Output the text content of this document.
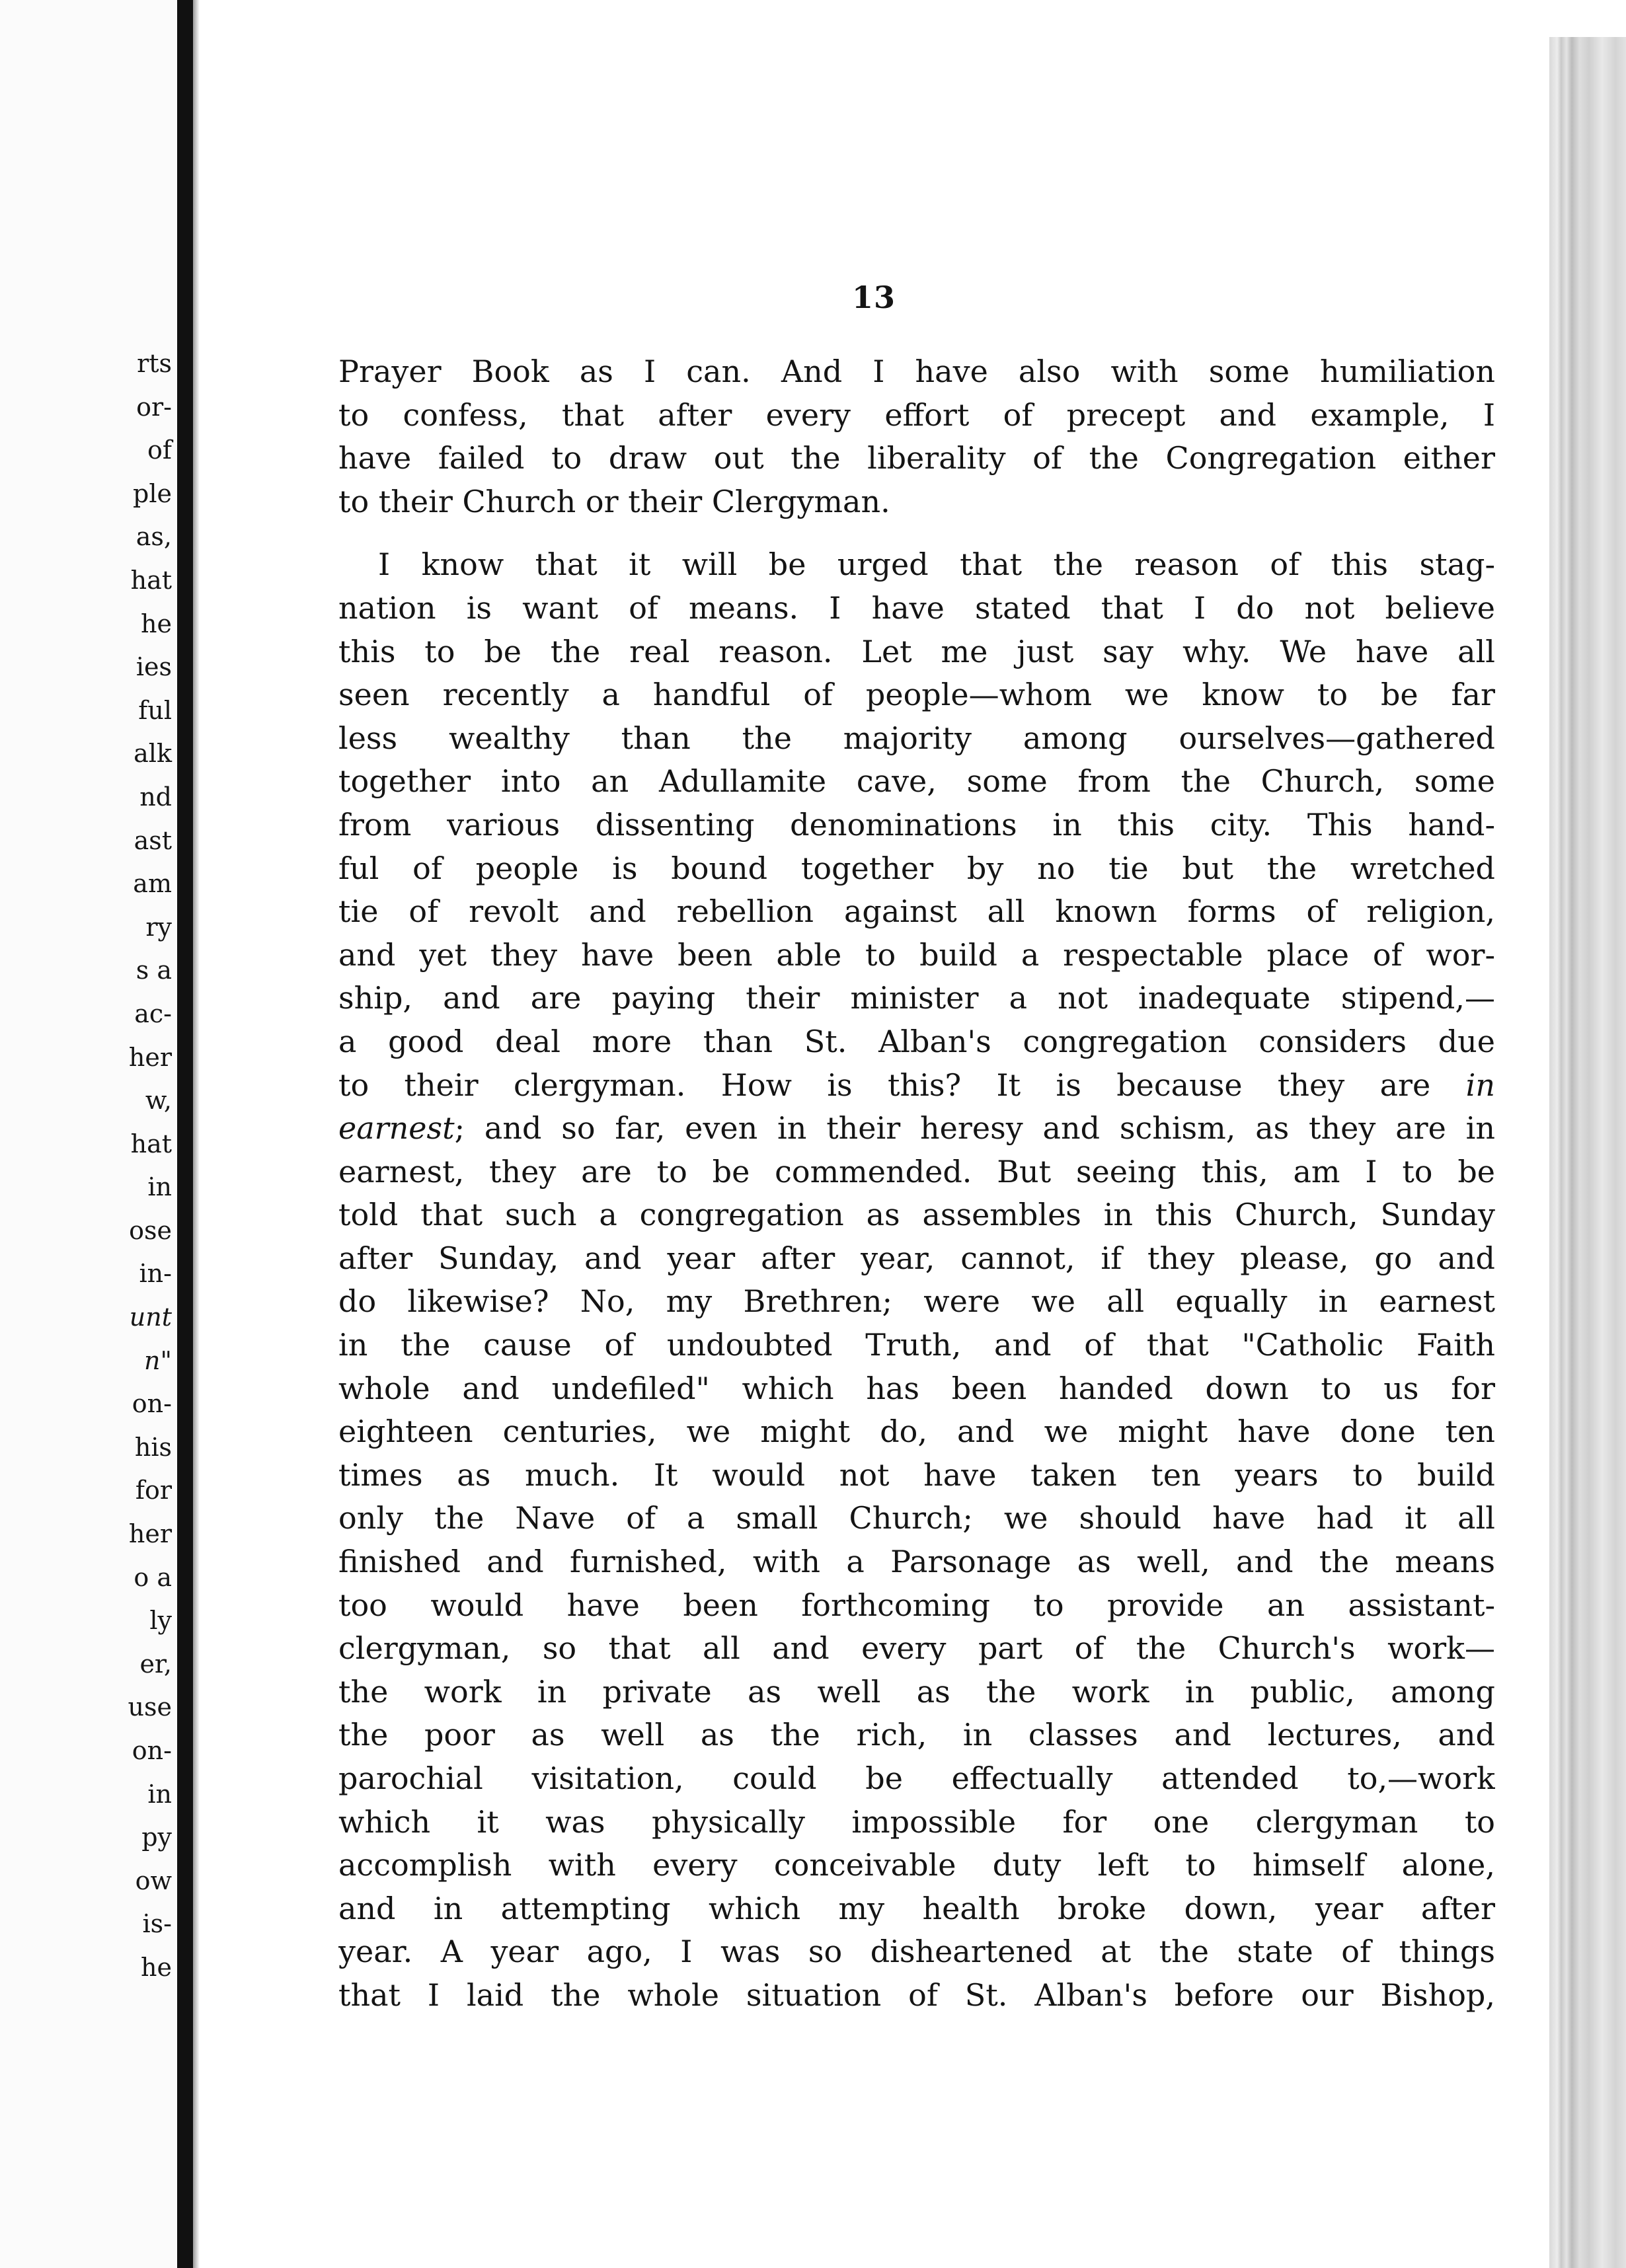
rts
or-
of
ple
as,
hat
he
ies
ful
alk
nd
ast
am
ry
s a
ac-
her
w,
hat
in
ose
in-
unt
n"
on-
his
for
her
o a
ly
er,
use
on-
in
py
ow
is-
he
13
Prayer Book as I can. And I have also with some humiliation
to confess, that after every effort of precept and example, I
have failed to draw out the liberality of the Congregation either
to their Church or their Clergyman.
I know that it will be urged that the reason of this stag-
nation is want of means. I have stated that I do not believe
this to be the real reason. Let me just say why. We have all
seen recently a handful of people—whom we know to be far
less wealthy than the majority among ourselves—gathered
together into an Adullamite cave, some from the Church, some
from various dissenting denominations in this city. This hand-
ful of people is bound together by no tie but the wretched
tie of revolt and rebellion against all known forms of religion,
and yet they have been able to build a respectable place of wor-
ship, and are paying their minister a not inadequate stipend,—
a good deal more than St. Alban's congregation considers due
to their clergyman. How is this? It is because they are in
earnest; and so far, even in their heresy and schism, as they are in
earnest, they are to be commended. But seeing this, am I to be
told that such a congregation as assembles in this Church, Sunday
after Sunday, and year after year, cannot, if they please, go and
do likewise? No, my Brethren; were we all equally in earnest
in the cause of undoubted Truth, and of that "Catholic Faith
whole and undefiled" which has been handed down to us for
eighteen centuries, we might do, and we might have done ten
times as much. It would not have taken ten years to build
only the Nave of a small Church; we should have had it all
finished and furnished, with a Parsonage as well, and the means
too would have been forthcoming to provide an assistant-
clergyman, so that all and every part of the Church's work—
the work in private as well as the work in public, among
the poor as well as the rich, in classes and lectures, and
parochial visitation, could be effectually attended to,—work
which it was physically impossible for one clergyman to
accomplish with every conceivable duty left to himself alone,
and in attempting which my health broke down, year after
year. A year ago, I was so disheartened at the state of things
that I laid the whole situation of St. Alban's before our Bishop,
